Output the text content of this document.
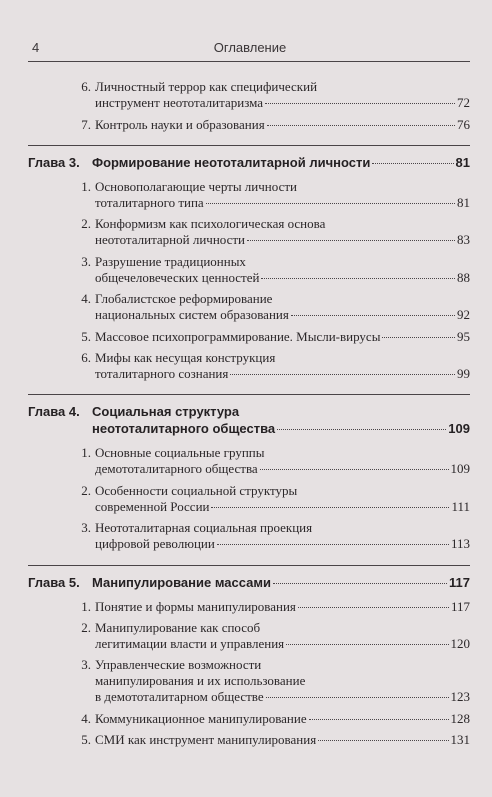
4	Оглавление
6. Личностный террор как специфический
инструмент неототалитаризма	72
7. Контроль науки и образования	76
Глава 3. Формирование неототалитарной личности	81
1. Основополагающие черты личности
тоталитарного типа	81
2. Конформизм как психологическая основа
неототалитарной личности	83
3. Разрушение традиционных
общечеловеческих ценностей	88
4. Глобалистское реформирование
национальных систем образования	92
5. Массовое психопрограммирование. Мысли-вирусы	95
6. Мифы как несущая конструкция
тоталитарного сознания	99
Глава 4. Социальная структура
неототалитарного общества	109
1. Основные социальные группы
демототалитарного общества	109
2. Особенности социальной структуры
современной России	111
3. Неототалитарная социальная проекция
цифровой революции	113
Глава 5. Манипулирование массами	117
1. Понятие и формы манипулирования	117
2. Манипулирование как способ
легитимации власти и управления	120
3. Управленческие возможности
манипулирования и их использование
в демототалитарном обществе	123
4. Коммуникационное манипулирование	128
5. СМИ как инструмент манипулирования	131
